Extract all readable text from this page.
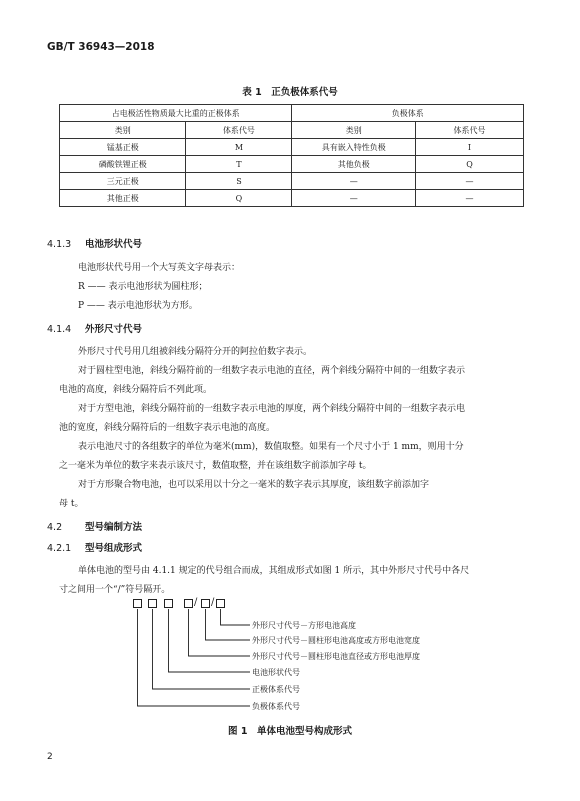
GB/T 36943—2018
表 1　正负极体系代号
占电极活性物质最大比重的正极体系		负极体系	
类别	体系代号	类别	体系代号
锰基正极	M	具有嵌入特性负极	I
磷酸铁锂正极	T	其他负极	Q
三元正极	S	—	—
其他正极	Q	—	—
4.1.3 电池形状代号
电池形状代号用一个大写英文字母表示：
R —— 表示电池形状为圆柱形；
P —— 表示电池形状为方形。
4.1.4 外形尺寸代号
外形尺寸代号用几组被斜线分隔符分开的阿拉伯数字表示。
对于圆柱型电池，斜线分隔符前的一组数字表示电池的直径，两个斜线分隔符中间的一组数字表示
电池的高度，斜线分隔符后不列此项。
对于方型电池，斜线分隔符前的一组数字表示电池的厚度，两个斜线分隔符中间的一组数字表示电
池的宽度，斜线分隔符后的一组数字表示电池的高度。
表示电池尺寸的各组数字的单位为毫米(mm)，数值取整。如果有一个尺寸小于 1 mm，则用十分
之一毫米为单位的数字来表示该尺寸，数值取整，并在该组数字前添加字母 t。
对于方形聚合物电池，也可以采用以十分之一毫米的数字表示其厚度，该组数字前添加字
母 t。
4.2 型号编制方法
4.2.1 型号组成形式
单体电池的型号由 4.1.1 规定的代号组合而成，其组成形式如图 1 所示，其中外形尺寸代号中各尺
寸之间用一个“/”符号隔开。
/ /
外形尺寸代号－方形电池高度
外形尺寸代号－圆柱形电池高度或方形电池宽度
外形尺寸代号－圆柱形电池直径或方形电池厚度
电池形状代号
正极体系代号
负极体系代号
图 1　单体电池型号构成形式
2
